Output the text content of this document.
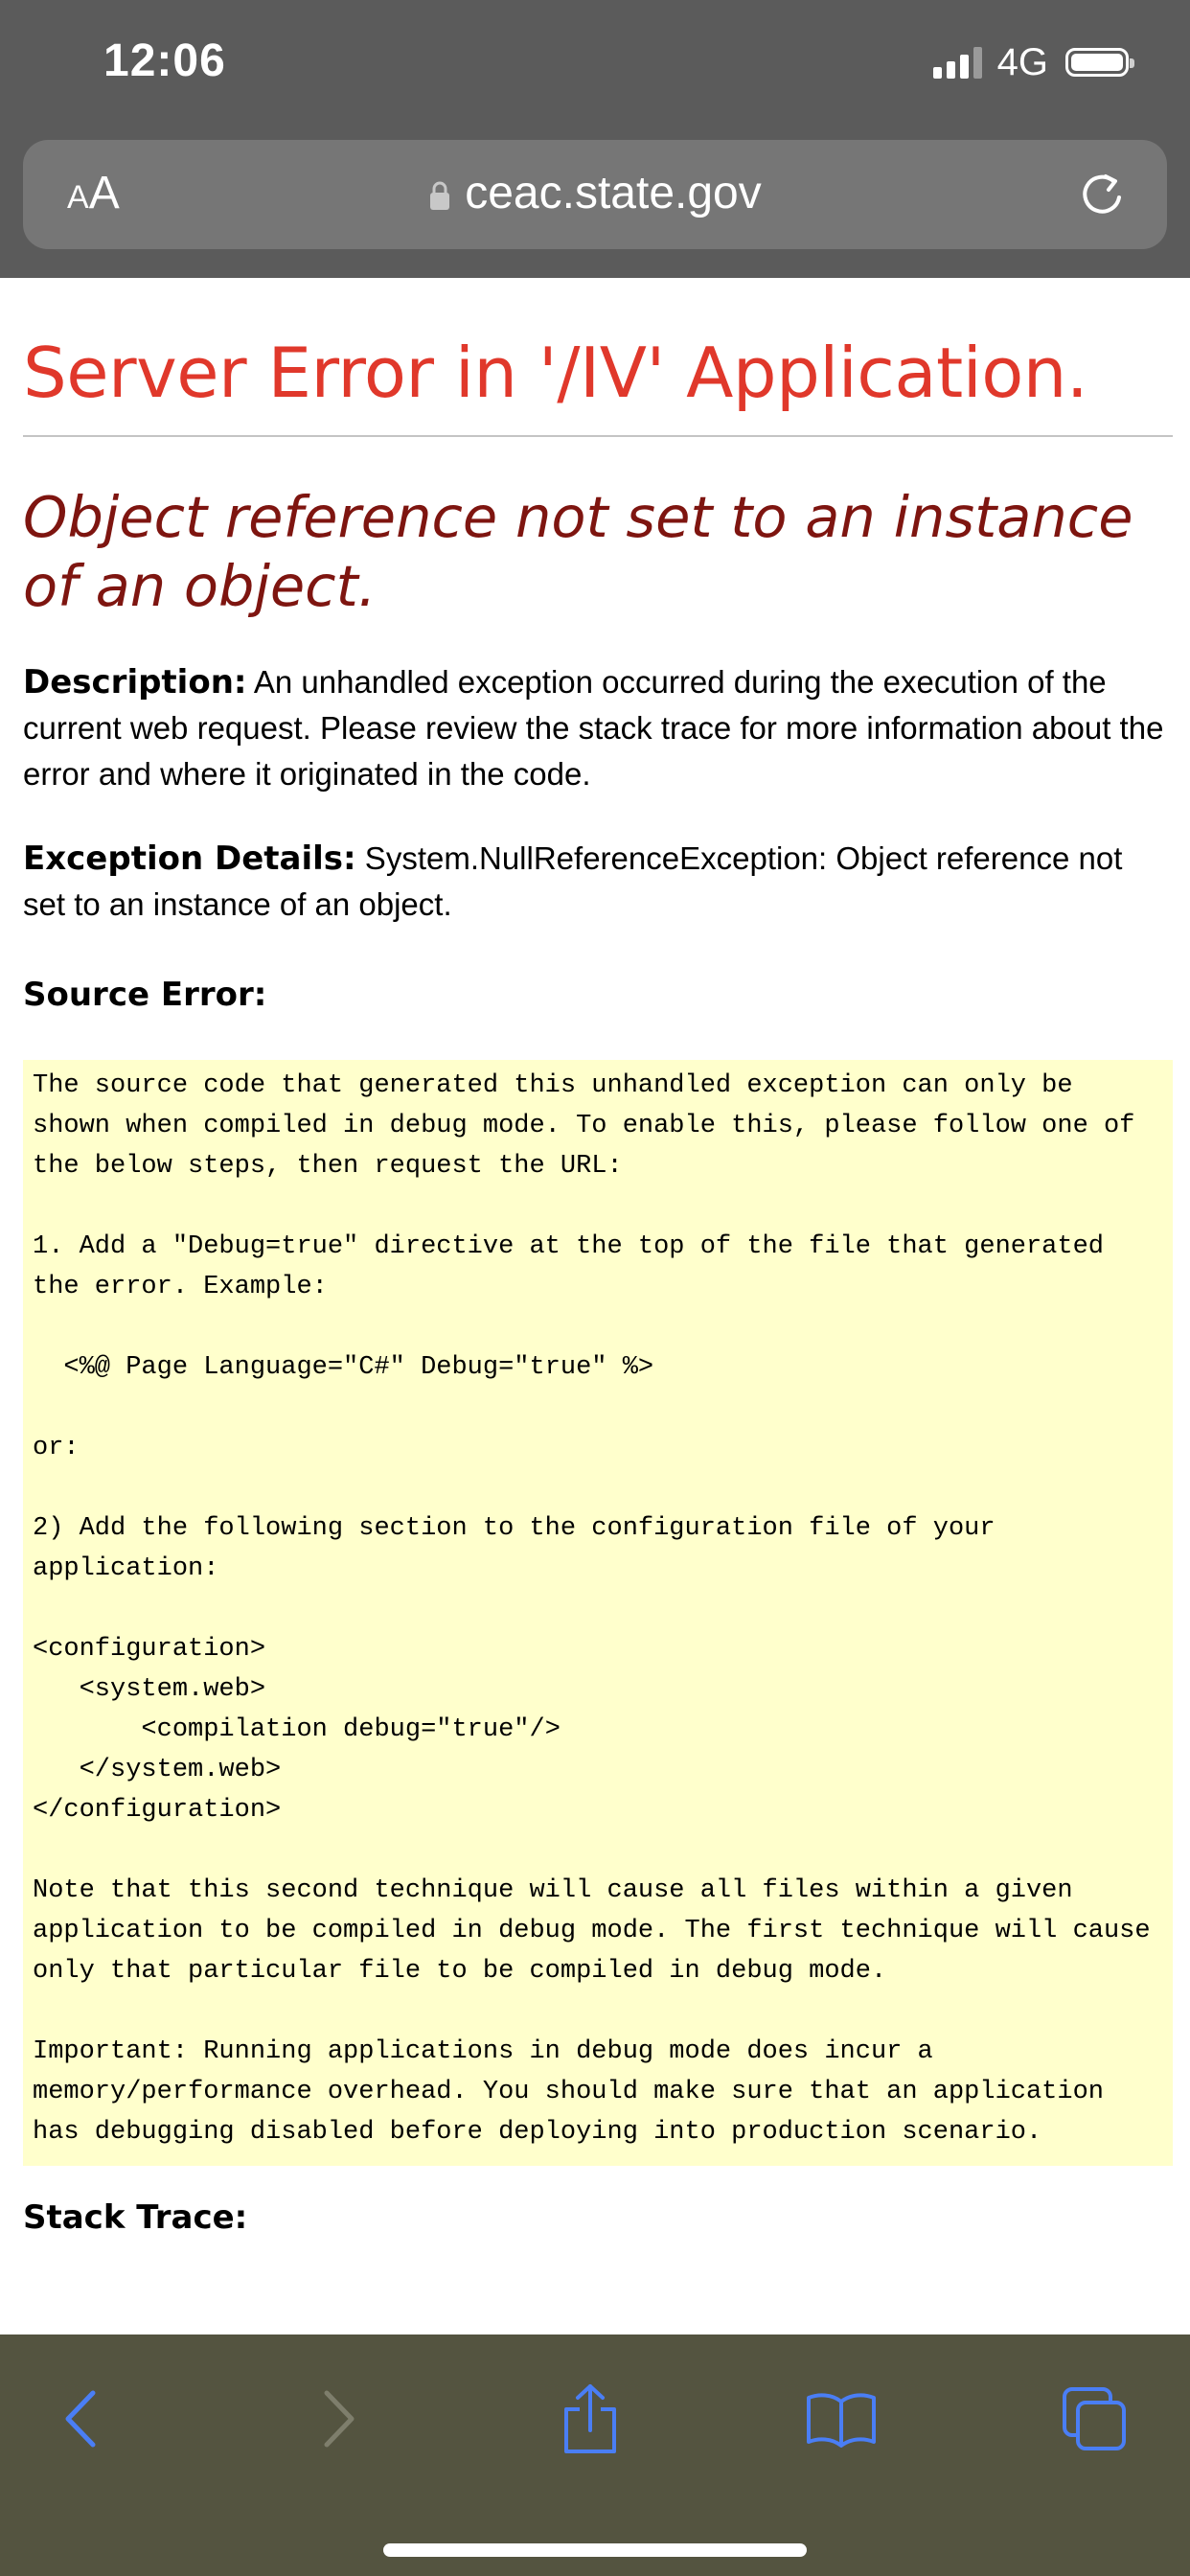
12:06	4G
AA	ceac.state.gov
Server Error in '/IV' Application.
Object reference not set to an instance of an object.

Description: An unhandled exception occurred during the execution of the current web request. Please review the stack trace for more information about the error and where it originated in the code.

Exception Details: System.NullReferenceException: Object reference not set to an instance of an object.

Source Error:
The source code that generated this unhandled exception can only be shown when compiled in debug mode. To enable this, please follow one of the below steps, then request the URL:

1. Add a "Debug=true" directive at the top of the file that generated the error. Example:

<%@ Page Language="C#" Debug="true" %>

or:

2) Add the following section to the configuration file of your application:

<configuration>
<system.web>
<compilation debug="true"/>
</system.web>
</configuration>

Note that this second technique will cause all files within a given application to be compiled in debug mode. The first technique will cause only that particular file to be compiled in debug mode.

Important: Running applications in debug mode does incur a memory/performance overhead. You should make sure that an application has debugging disabled before deploying into production scenario.
Stack Trace:
